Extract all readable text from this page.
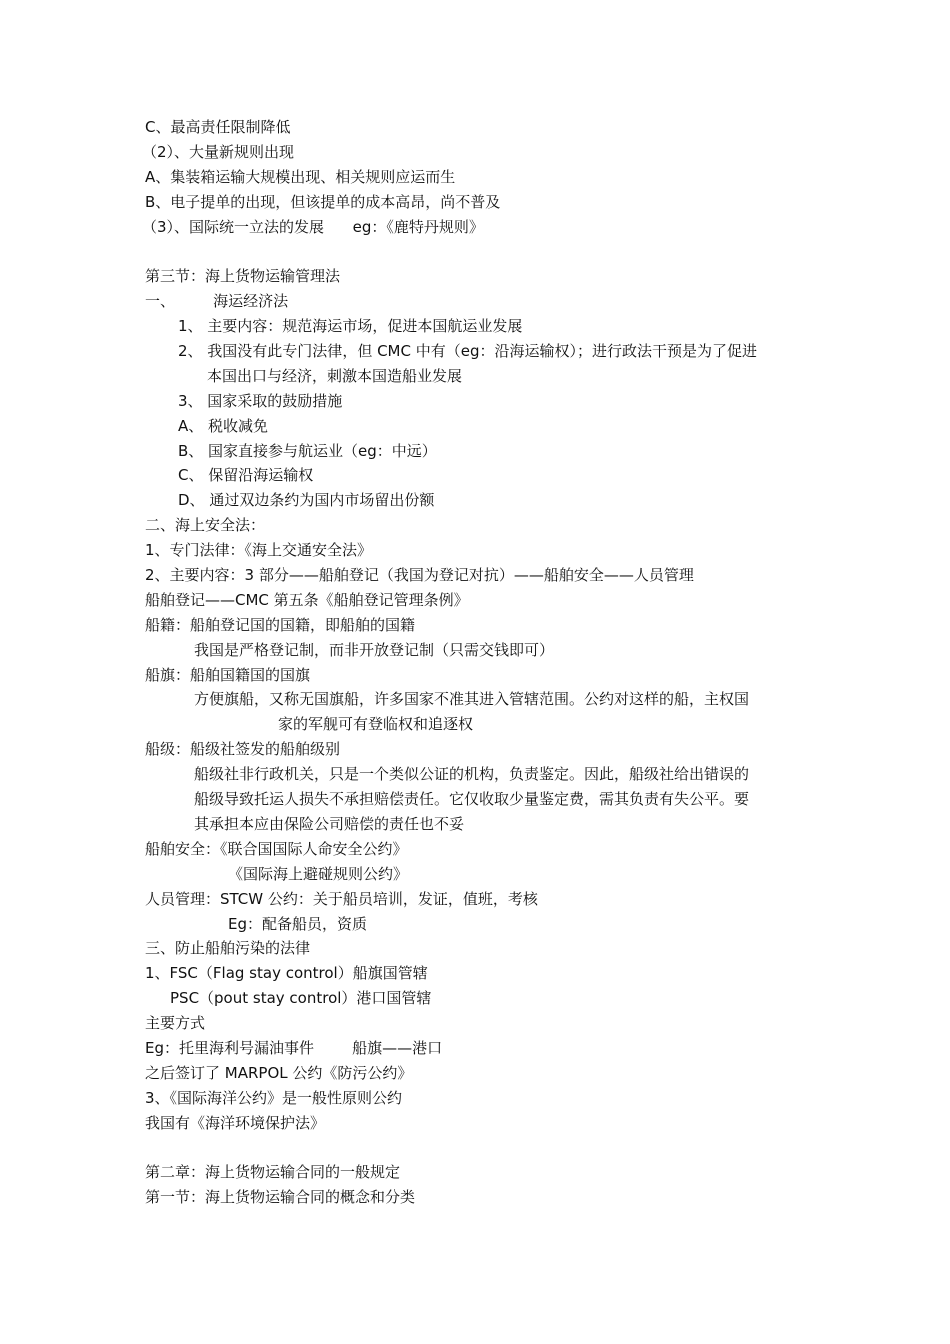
C、最高责任限制降低
（2）、大量新规则出现
A、集装箱运输大规模出现、相关规则应运而生
B、电子提单的出现，但该提单的成本高昂，尚不普及
（3）、国际统一立法的发展      eg：《鹿特丹规则》
第三节：海上货物运输管理法
一、        海运经济法
1、 主要内容：规范海运市场，促进本国航运业发展
2、 我国没有此专门法律，但 CMC 中有（eg：沿海运输权）；进行政法干预是为了促进
本国出口与经济，刺激本国造船业发展
3、 国家采取的鼓励措施
A、 税收减免
B、 国家直接参与航运业（eg：中远）
C、 保留沿海运输权
D、 通过双边条约为国内市场留出份额
二、海上安全法：
1、专门法律：《海上交通安全法》
2、主要内容：3 部分——船舶登记（我国为登记对抗）——船舶安全——人员管理
船舶登记——CMC 第五条《船舶登记管理条例》
船籍：船舶登记国的国籍，即船舶的国籍
我国是严格登记制，而非开放登记制（只需交钱即可）
船旗：船舶国籍国的国旗
方便旗船，又称无国旗船，许多国家不准其进入管辖范围。公约对这样的船，主权国
家的军舰可有登临权和追逐权
船级：船级社签发的船舶级别
船级社非行政机关，只是一个类似公证的机构，负责鉴定。因此，船级社给出错误的
船级导致托运人损失不承担赔偿责任。它仅收取少量鉴定费，需其负责有失公平。要
其承担本应由保险公司赔偿的责任也不妥
船舶安全：《联合国国际人命安全公约》
《国际海上避碰规则公约》
人员管理：STCW 公约：关于船员培训，发证，值班，考核
Eg：配备船员，资质
三、防止船舶污染的法律
1、FSC（Flag stay control）船旗国管辖
PSC（pout stay control）港口国管辖
主要方式
Eg：托里海利号漏油事件        船旗——港口
之后签订了 MARPOL 公约《防污公约》
3、《国际海洋公约》是一般性原则公约
我国有《海洋环境保护法》
第二章：海上货物运输合同的一般规定
第一节：海上货物运输合同的概念和分类
